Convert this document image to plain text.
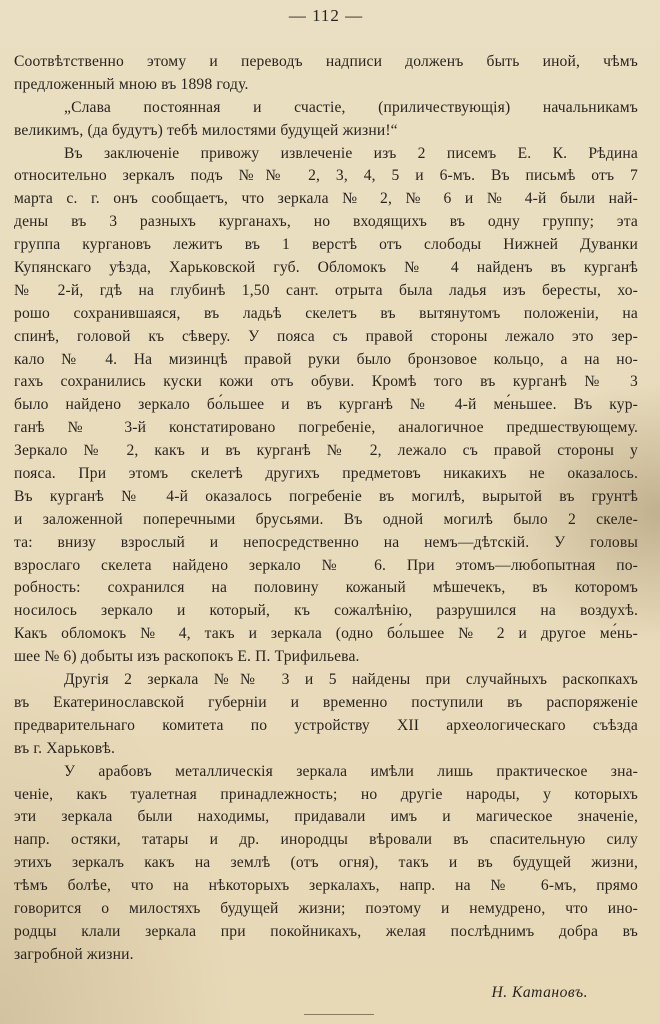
— 112 —
Соотвѣтственно этому и переводъ надписи долженъ быть иной, чѣмъ
предложенный мною въ 1898 году.
„Слава постоянная и счастіе, (приличествующія) начальникамъ
великимъ, (да будутъ) тебѣ милостями будущей жизни!“
Въ заключеніе привожу извлеченіе изъ 2 писемъ Е. К. Рѣдина
относительно зеркалъ подъ №№ 2, 3, 4, 5 и 6-мъ. Въ письмѣ отъ 7
марта с. г. онъ сообщаетъ, что зеркала № 2, № 6 и № 4-й были най-
дены въ 3 разныхъ курганахъ, но входящихъ въ одну группу; эта
группа кургановъ лежитъ въ 1 верстѣ отъ слободы Нижней Дуванки
Купянскаго уѣзда, Харьковской губ. Обломокъ № 4 найденъ въ курганѣ
№ 2-й, гдѣ на глубинѣ 1,50 сант. отрыта была ладья изъ бересты, хо-
рошо сохранившаяся, въ ладьѣ скелетъ въ вытянутомъ положеніи, на
спинѣ, головой къ сѣверу. У пояса съ правой стороны лежало это зер-
кало № 4. На мизинцѣ правой руки было бронзовое кольцо, а на но-
гахъ сохранились куски кожи отъ обуви. Кромѣ того въ курганѣ № 3
было найдено зеркало бо́льшее и въ курганѣ № 4-й ме́ньшее. Въ кур-
ганѣ № 3-й констатировано погребеніе, аналогичное предшествующему.
Зеркало № 2, какъ и въ курганѣ № 2, лежало съ правой стороны у
пояса. При этомъ скелетѣ другихъ предметовъ никакихъ не оказалось.
Въ курганѣ № 4-й оказалось погребеніе въ могилѣ, вырытой въ грунтѣ
и заложенной поперечными брусьями. Въ одной могилѣ было 2 скеле-
та: внизу взрослый и непосредственно на немъ—дѣтскій. У головы
взрослаго скелета найдено зеркало № 6. При этомъ—любопытная по-
робность: сохранился на половину кожаный мѣшечекъ, въ которомъ
носилось зеркало и который, къ сожалѣнію, разрушился на воздухѣ.
Какъ обломокъ № 4, такъ и зеркала (одно бо́льшее № 2 и другое ме́нь-
шее № 6) добыты изъ раскопокъ Е. П. Трифильева.
Другія 2 зеркала №№ 3 и 5 найдены при случайныхъ раскопкахъ
въ Екатеринославской губерніи и временно поступили въ распоряженіе
предварительнаго комитета по устройству XII археологическаго съѣзда
въ г. Харьковѣ.
У арабовъ металлическія зеркала имѣли лишь практическое зна-
ченіе, какъ туалетная принадлежность; но другіе народы, у которыхъ
эти зеркала были находимы, придавали имъ и магическое значеніе,
напр. остяки, татары и др. инородцы вѣровали въ спасительную силу
этихъ зеркалъ какъ на землѣ (отъ огня), такъ и въ будущей жизни,
тѣмъ болѣе, что на нѣкоторыхъ зеркалахъ, напр. на № 6-мъ, прямо
говорится о милостяхъ будущей жизни; поэтому и немудрено, что ино-
родцы клали зеркала при покойникахъ, желая послѣднимъ добра въ
загробной жизни.
Н. Катановъ.
